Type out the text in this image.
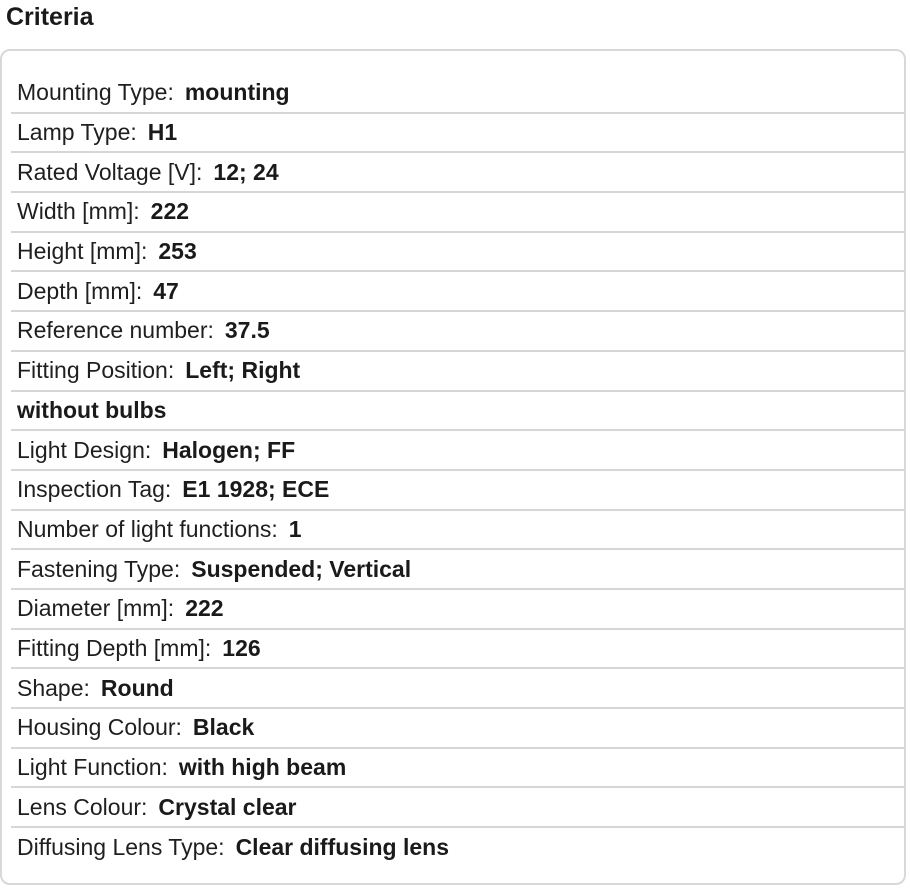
Criteria
Mounting Type: mounting
Lamp Type: H1
Rated Voltage [V]: 12; 24
Width [mm]: 222
Height [mm]: 253
Depth [mm]: 47
Reference number: 37.5
Fitting Position: Left; Right
without bulbs
Light Design: Halogen; FF
Inspection Tag: E1 1928; ECE
Number of light functions: 1
Fastening Type: Suspended; Vertical
Diameter [mm]: 222
Fitting Depth [mm]: 126
Shape: Round
Housing Colour: Black
Light Function: with high beam
Lens Colour: Crystal clear
Diffusing Lens Type: Clear diffusing lens
